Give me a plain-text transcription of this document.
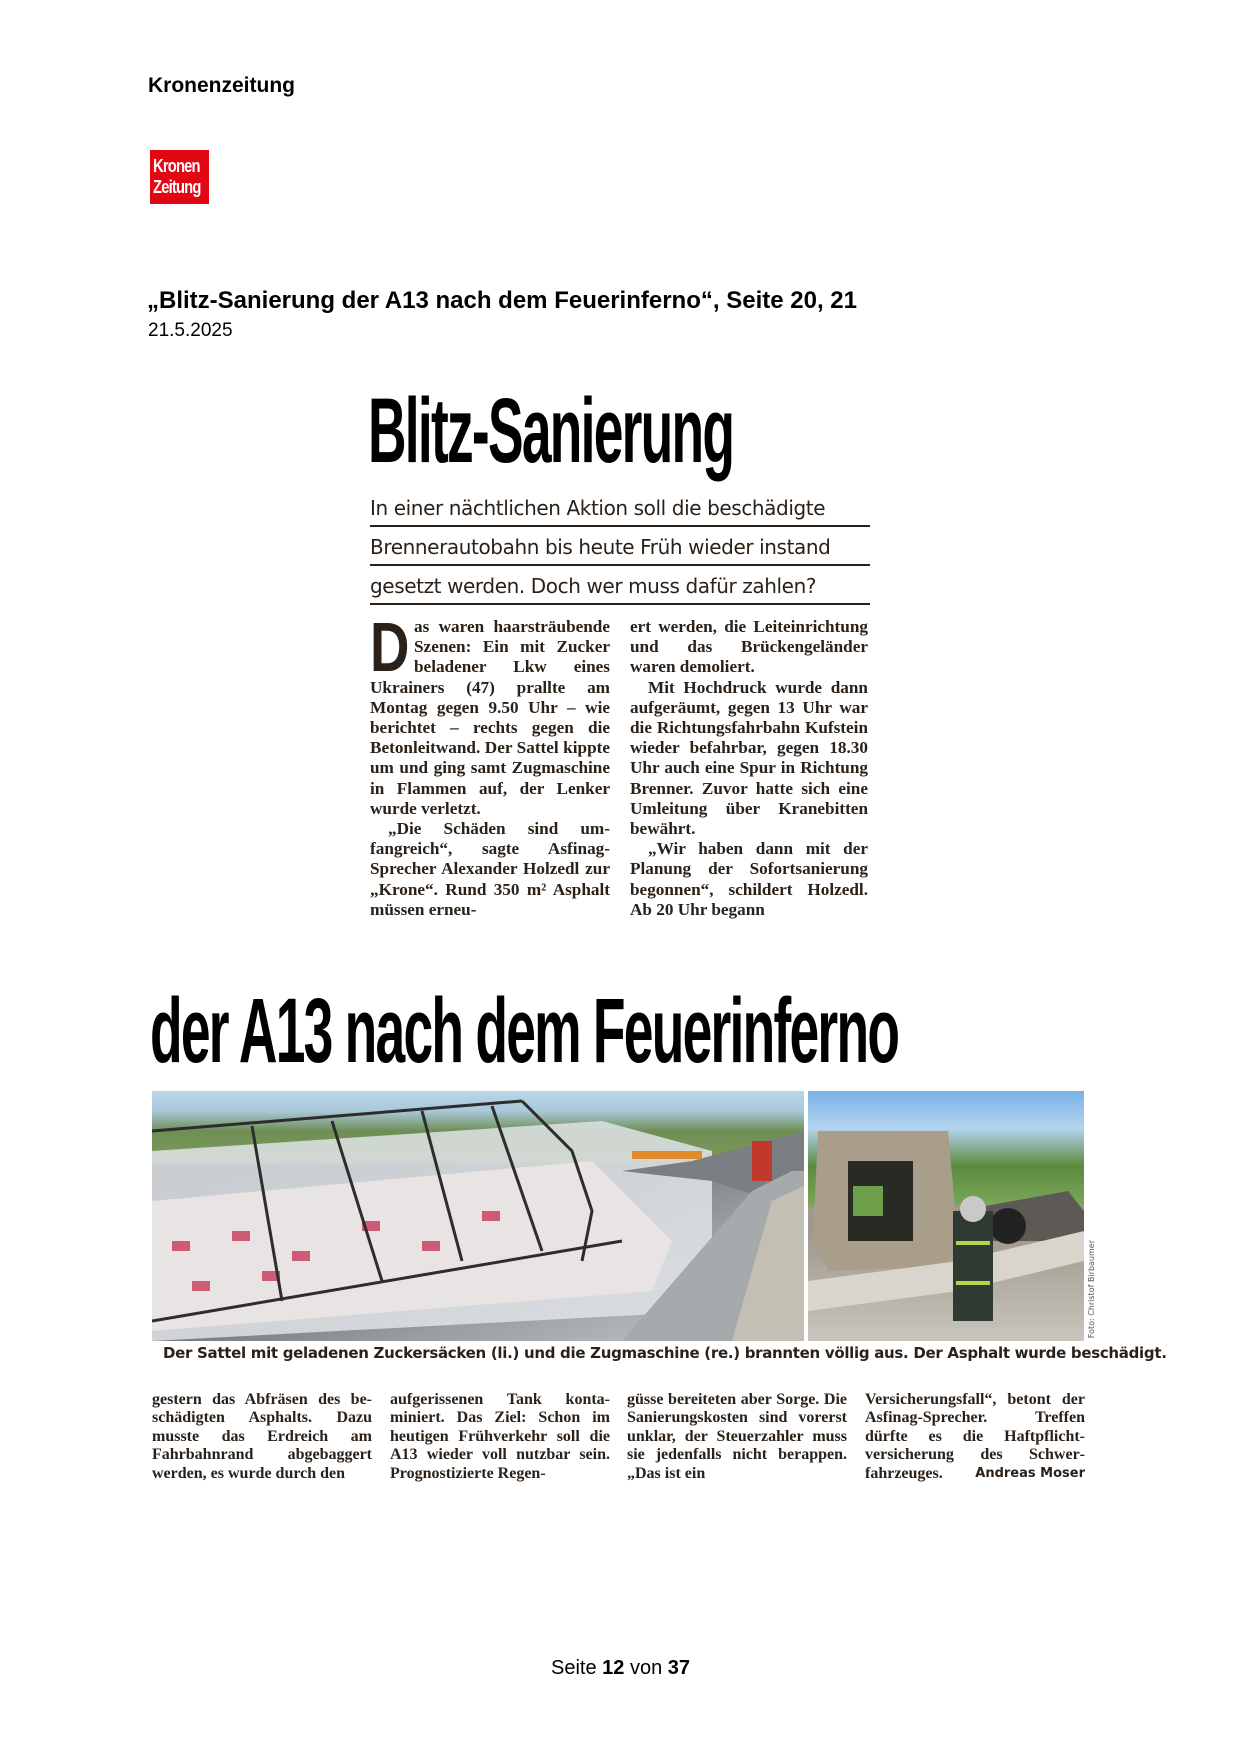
Kronenzeitung
Kronen
Zeitung
„Blitz-Sanierung der A13 nach dem Feuerinferno“, Seite 20, 21
21.5.2025
Blitz-Sanierung
In einer nächtlichen Aktion soll die beschädigte
Brennerautobahn bis heute Früh wieder instand
gesetzt werden. Doch wer muss dafür zahlen?

Das waren haarsträubende Szenen: Ein mit Zucker beladener Lkw eines Ukrainers (47) prallte am Montag gegen 9.50 Uhr – wie berichtet – rechts gegen die Betonleitwand. Der Sattel kippte um und ging samt Zugmaschine in Flammen auf, der Lenker wurde verletzt.

„Die Schäden sind umfangreich“, sagte Asfinag-Sprecher Alexander Holzedl zur „Krone“. Rund 350 m² Asphalt müssen erneu-

ert werden, die Leiteinrichtung und das Brückengeländer waren demoliert.

Mit Hochdruck wurde dann aufgeräumt, gegen 13 Uhr war die Richtungsfahrbahn Kufstein wieder befahrbar, gegen 18.30 Uhr auch eine Spur in Richtung Brenner. Zuvor hatte sich eine Umleitung über Kranebitten bewährt.

„Wir haben dann mit der Planung der Sofortsanierung begonnen“, schildert Holzedl. Ab 20 Uhr begann

der A13 nach dem Feuerinferno
Foto: Christof Birbaumer
Der Sattel mit geladenen Zuckersäcken (li.) und die Zugmaschine (re.) brannten völlig aus. Der Asphalt wurde beschädigt.
gestern das Abfräsen des beschädigten Asphalts. Dazu musste das Erdreich am Fahrbahnrand abgebaggert werden, es wurde durch den
aufgerissenen Tank kontaminiert. Das Ziel: Schon im heutigen Frühverkehr soll die A13 wieder voll nutzbar sein. Prognostizierte Regen-
güsse bereiteten aber Sorge. Die Sanierungskosten sind vorerst unklar, der Steuerzahler muss sie jedenfalls nicht berappen. „Das ist ein
Versicherungsfall“, betont der Asfinag-Sprecher. Treffen dürfte es die Haftpflichtversicherung des Schwerfahrzeuges.	Andreas Moser
Seite 12 von 37
